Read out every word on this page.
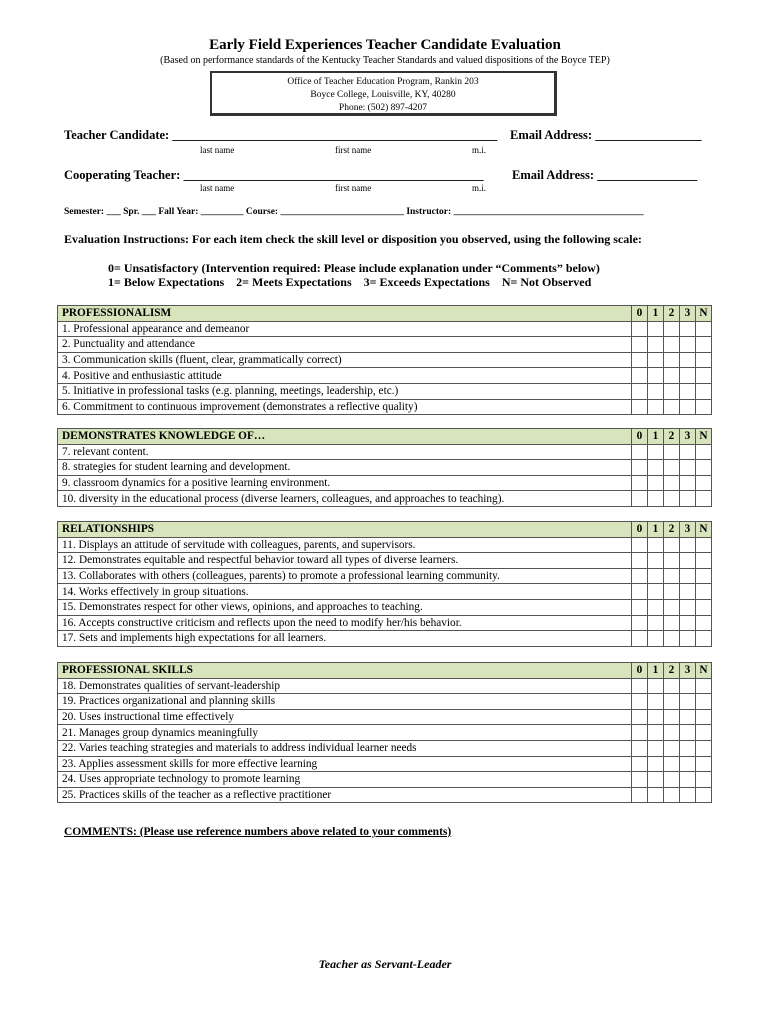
Early Field Experiences Teacher Candidate Evaluation
(Based on performance standards of the Kentucky Teacher Standards and valued dispositions of the Boyce TEP)
Office of Teacher Education Program, Rankin 203
Boyce College, Louisville, KY, 40280
Phone: (502) 897-4207
Teacher Candidate: ____________________________________________________ Email Address: _________________
last name	first name	m.i.
Cooperating Teacher: ________________________________________________ Email Address: ________________
last name	first name	m.i.
Semester: ___ Spr. ___ Fall Year: _________ Course: __________________________ Instructor: ________________________________________
Evaluation Instructions: For each item check the skill level or disposition you observed, using the following scale:
0= Unsatisfactory (Intervention required: Please include explanation under “Comments” below)
1= Below Expectations    2= Meets Expectations    3= Exceeds Expectations    N= Not Observed
PROFESSIONALISM	0	1	2	3	N
1. Professional appearance and demeanor					
2. Punctuality and attendance					
3. Communication skills (fluent, clear, grammatically correct)					
4. Positive and enthusiastic attitude					
5. Initiative in professional tasks (e.g. planning, meetings, leadership, etc.)					
6. Commitment to continuous improvement (demonstrates a reflective quality)					
DEMONSTRATES KNOWLEDGE OF…	0	1	2	3	N
7. relevant content.					
8. strategies for student learning and development.					
9. classroom dynamics for a positive learning environment.					
10. diversity in the educational process (diverse learners, colleagues, and approaches to teaching).					
RELATIONSHIPS	0	1	2	3	N
11. Displays an attitude of servitude with colleagues, parents, and supervisors.					
12. Demonstrates equitable and respectful behavior toward all types of diverse learners.					
13. Collaborates with others (colleagues, parents) to promote a professional learning community.					
14. Works effectively in group situations.					
15. Demonstrates respect for other views, opinions, and approaches to teaching.					
16. Accepts constructive criticism and reflects upon the need to modify her/his behavior.					
17. Sets and implements high expectations for all learners.					
PROFESSIONAL SKILLS	0	1	2	3	N
18. Demonstrates qualities of servant-leadership					
19. Practices organizational and planning skills					
20. Uses instructional time effectively					
21. Manages group dynamics meaningfully					
22. Varies teaching strategies and materials to address individual learner needs					
23. Applies assessment skills for more effective learning					
24. Uses appropriate technology to promote learning					
25. Practices skills of the teacher as a reflective practitioner					
COMMENTS: (Please use reference numbers above related to your comments)
Teacher as Servant-Leader
